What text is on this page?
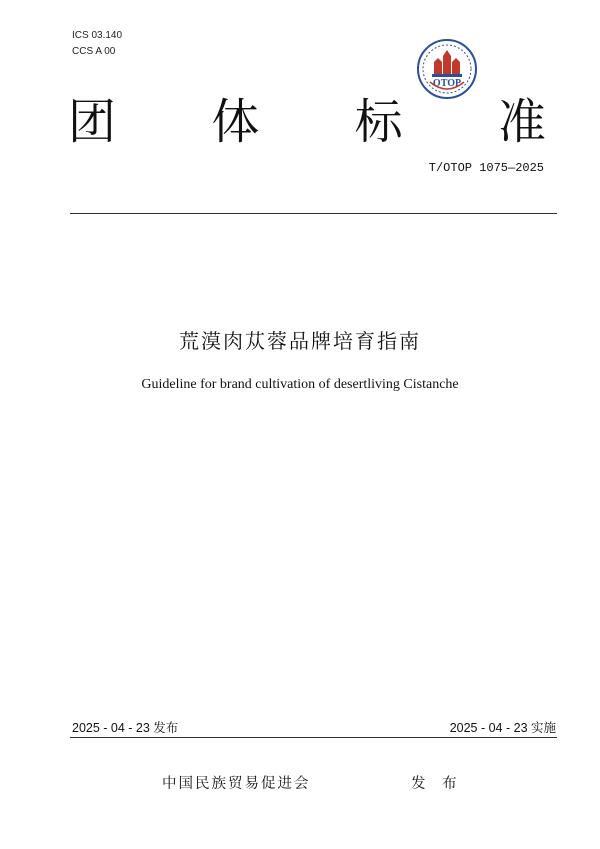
ICS 03.140
CCS A 00
OTOP
团 体 标 准
T/OTOP 1075—2025
荒漠肉苁蓉品牌培育指南
Guideline for brand cultivation of desertliving Cistanche
2025 - 04 - 23 发布	2025 - 04 - 23 实施
中国民族贸易促进会	发 布
